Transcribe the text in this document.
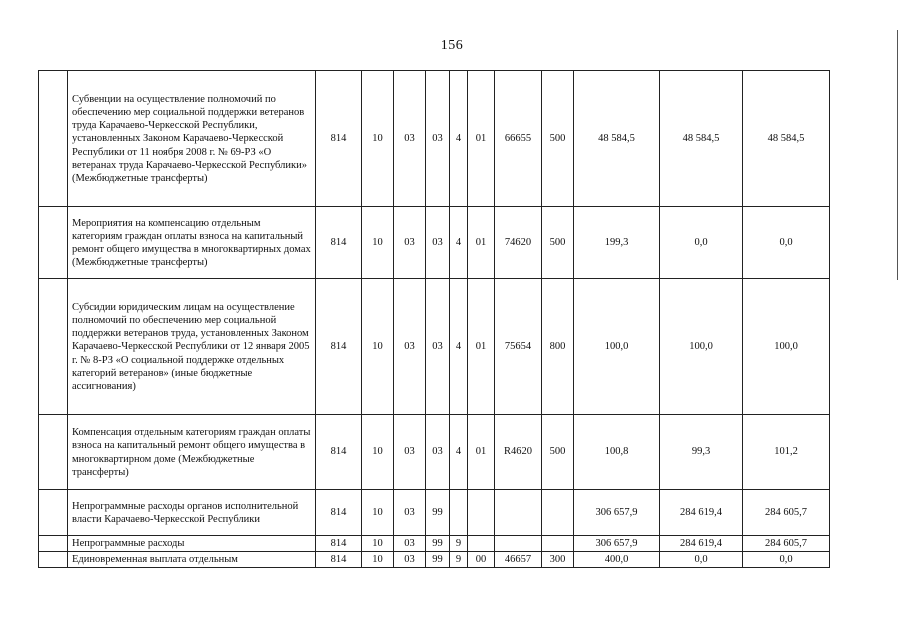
156
	Субвенции на осуществление полномочий по обеспечению мер социальной поддержки ветеранов труда Карачаево-Черкесской Республики, установленных Законом Карачаево-Черкесской Республики от 11 ноября 2008 г. № 69-РЗ «О ветеранах труда Карачаево-Черкесской Республики» (Межбюджетные трансферты)	814	10	03	03	4	01	66655	500	48 584,5	48 584,5	48 584,5
	Мероприятия на компенсацию отдельным категориям граждан оплаты взноса на капитальный ремонт общего имущества в многоквартирных домах (Межбюджетные трансферты)	814	10	03	03	4	01	74620	500	199,3	0,0	0,0
	Субсидии юридическим лицам на осуществление полномочий по обеспечению мер социальной поддержки ветеранов труда, установленных Законом Карачаево-Черкесской Республики от 12 января 2005 г. № 8-РЗ «О социальной поддержке отдельных категорий ветеранов» (иные бюджетные ассигнования)	814	10	03	03	4	01	75654	800	100,0	100,0	100,0
	Компенсация отдельным категориям граждан оплаты взноса на капитальный ремонт общего имущества в многоквартирном доме (Межбюджетные трансферты)	814	10	03	03	4	01	R4620	500	100,8	99,3	101,2
	Непрограммные расходы органов исполнительной власти Карачаево-Черкесской Республики	814	10	03	99					306 657,9	284 619,4	284 605,7
	Непрограммные расходы	814	10	03	99	9				306 657,9	284 619,4	284 605,7
	Единовременная выплата отдельным	814	10	03	99	9	00	46657	300	400,0	0,0	0,0
